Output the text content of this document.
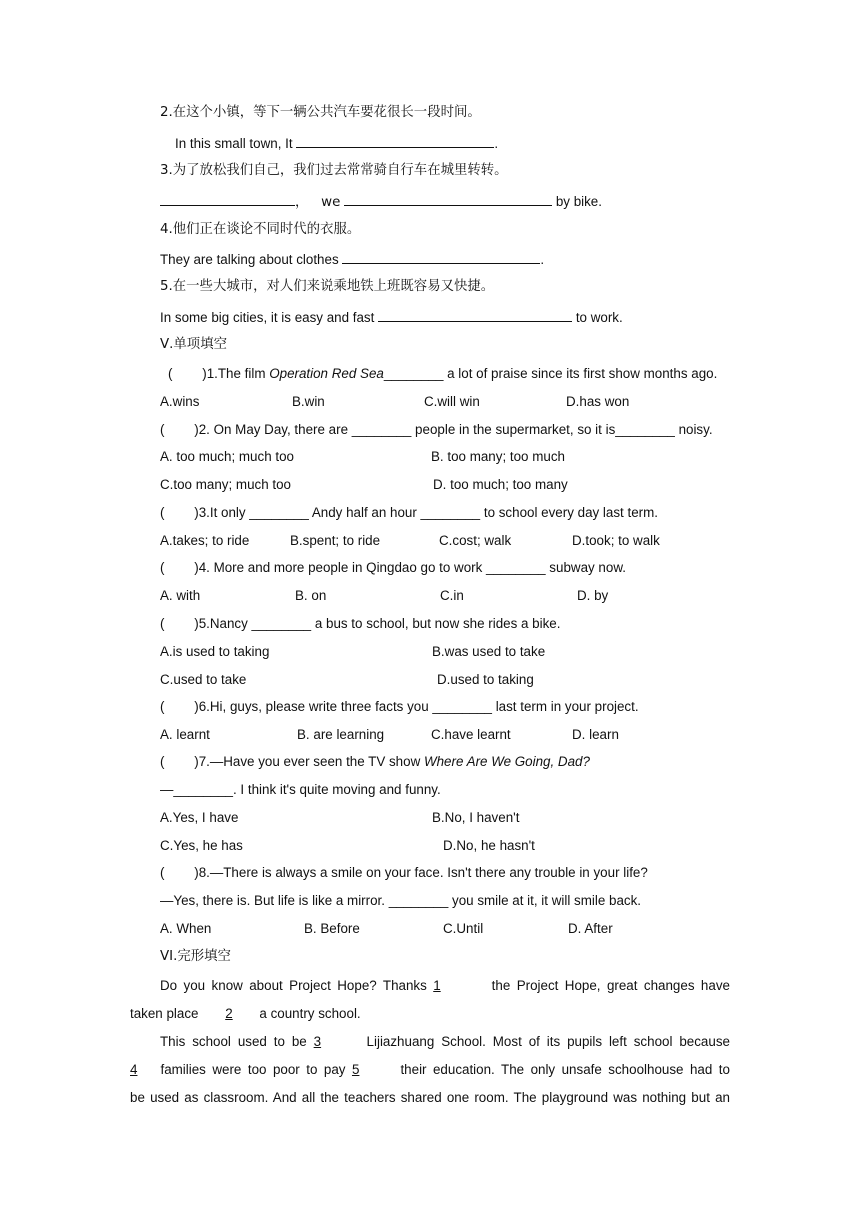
2.在这个小镇，等下一辆公共汽车要花很长一段时间。
In this small town, It	.
3.为了放松我们自己，我们过去常常骑自行车在城里转转。
，   we	by bike.
4.他们正在谈论不同时代的衣服。
They are talking about clothes	.
5.在一些大城市，对人们来说乘地铁上班既容易又快捷。
In some big cities, it is easy and fast	to work.
Ⅴ.单项填空
(        )1.The film Operation Red Sea________ a lot of praise since its first show months ago.
A.wins	B.win	C.will win	D.has won
(        )2. On May Day, there are ________ people in the supermarket, so it is________ noisy.
A. too much; much too	B. too many; too much
C.too many; much too	D. too much; too many
(        )3.It only ________ Andy half an hour ________ to school every day last term.
A.takes; to ride	B.spent; to ride	C.cost; walk	D.took; to walk
(        )4. More and more people in Qingdao go to work ________ subway now.
A. with	B. on	C.in	D. by
(        )5.Nancy ________ a bus to school, but now she rides a bike.
A.is used to taking	B.was used to take
C.used to take	D.used to taking
(        )6.Hi, guys, please write three facts you ________ last term in your project.
A. learnt	B. are learning	C.have learnt	D. learn
(        )7.—Have you ever seen the TV show Where Are We Going, Dad?
—________. I think it's quite moving and funny.
A.Yes, I have	B.No, I haven't
C.Yes, he has	D.No, he hasn't
(        )8.—There is always a smile on your face. Isn't there any trouble in your life?
—Yes, there is. But life is like a mirror. ________ you smile at it, it will smile back.
A. When	B. Before	C.Until	D. After
VI.完形填空
Do you know about Project Hope? Thanks 1	the Project Hope, great changes have
taken place 2 a country school.
This school used to be 3	Lijiazhuang School. Most of its pupils left school because
4 families were too poor to pay 5	their education. The only unsafe schoolhouse had to
be used as classroom. And all the teachers shared one room. The playground was nothing but an
